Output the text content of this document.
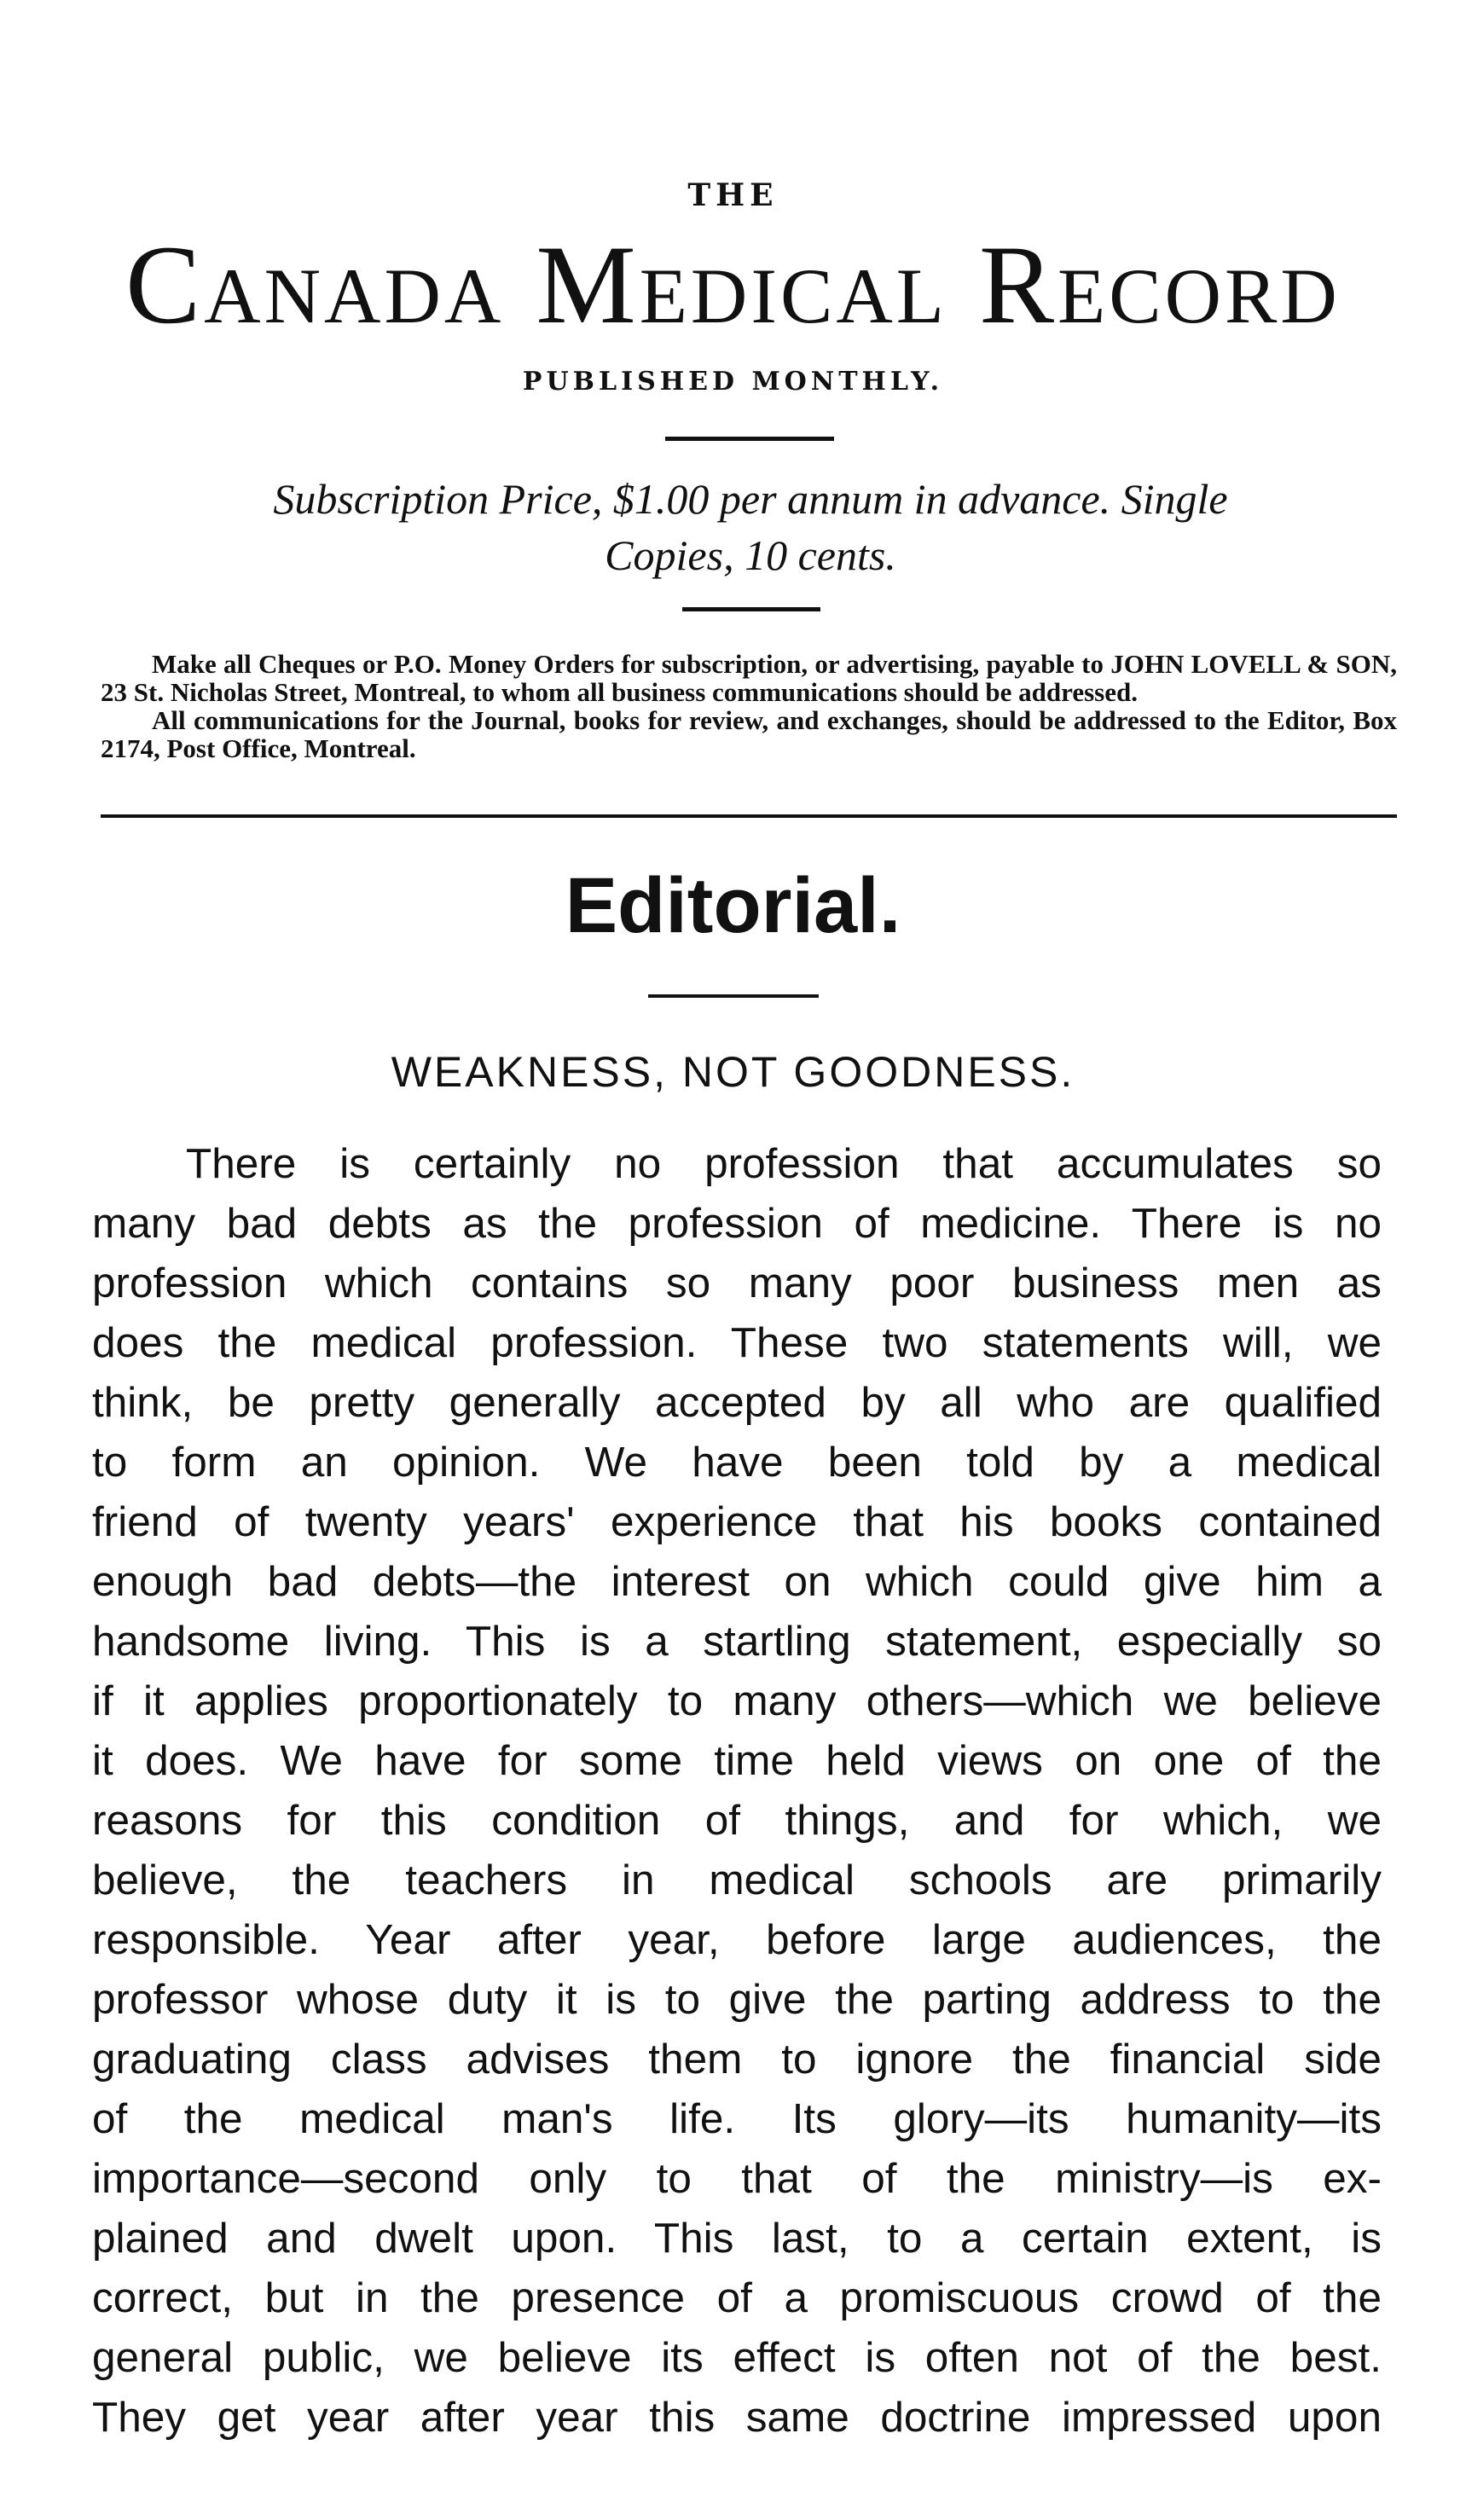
THE
Canada Medical Record
PUBLISHED MONTHLY.
Subscription Price, $1.00 per annum in advance. Single
Copies, 10 cents.

Make all Cheques or P.O. Money Orders for subscription, or advertising, payable to JOHN LOVELL & SON, 23 St. Nicholas Street, Montreal, to whom all business communications should be addressed.

All communications for the Journal, books for review, and exchanges, should be addressed to the Editor, Box 2174, Post Office, Montreal.

Editorial.
WEAKNESS, NOT GOODNESS.

There is certainly no profession that accumulates so
many bad debts as the profession of medicine. There is no
profession which contains so many poor business men as
does the medical profession. These two statements will, we
think, be pretty generally accepted by all who are qualified
to form an opinion. We have been told by a medical
friend of twenty years' experience that his books contained
enough bad debts—the interest on which could give him a
handsome living. This is a startling statement, especially so
if it applies proportionately to many others—which we believe
it does. We have for some time held views on one of the
reasons for this condition of things, and for which, we
believe, the teachers in medical schools are primarily
responsible. Year after year, before large audiences, the
professor whose duty it is to give the parting address to the
graduating class advises them to ignore the financial side
of the medical man's life. Its glory—its humanity—its
importance—second only to that of the ministry—is ex-
plained and dwelt upon. This last, to a certain extent, is
correct, but in the presence of a promiscuous crowd of the
general public, we believe its effect is often not of the best.
They get year after year this same doctrine impressed upon
